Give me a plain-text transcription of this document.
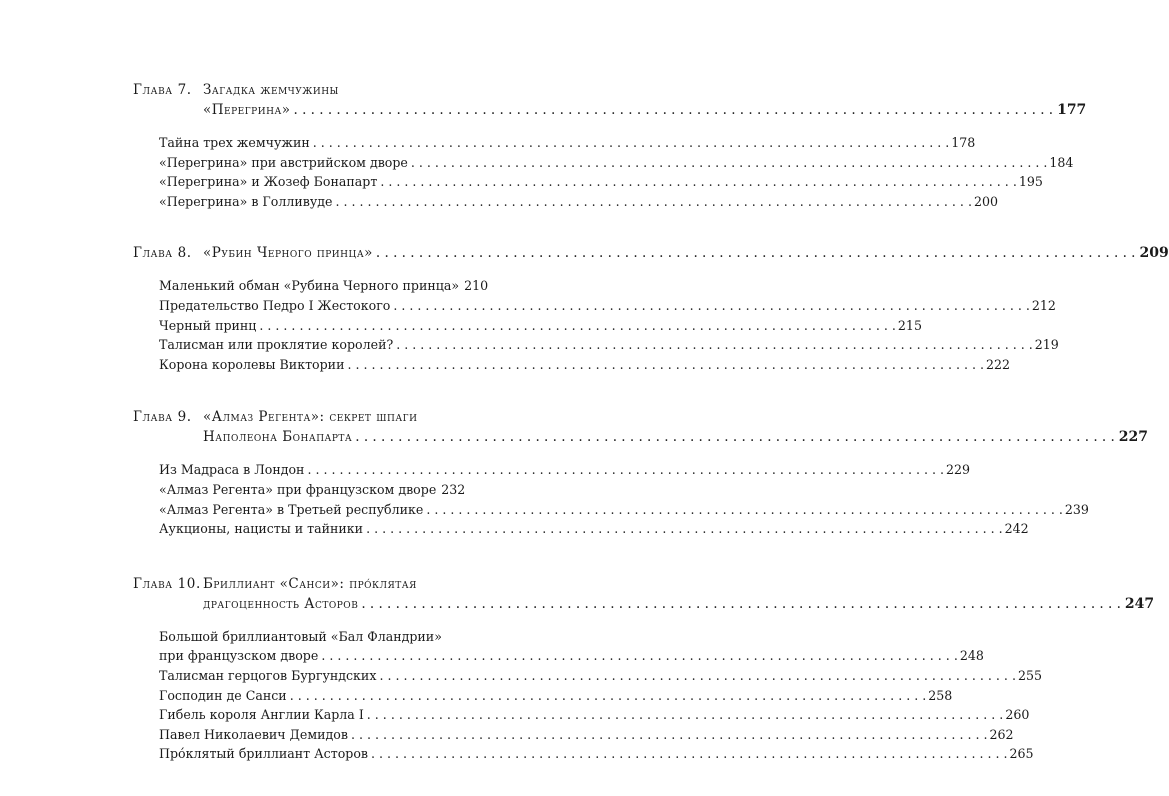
Глава 7. Загадка жемчужины
«Перегрина» . . .	177
Тайна трех жемчужин . . .	178
«Перегрина» при австрийском дворе . . .	184
«Перегрина» и Жозеф Бонапарт . . .	195
«Перегрина» в Голливуде . . .	200
Глава 8. «Рубин Черного принца» . . .	209
Маленький обман «Рубина Черного принца» 210
Предательство Педро I Жестокого . . .	212
Черный принц . . .	215
Талисман или проклятие королей? . . .	219
Корона королевы Виктории . . .	222
Глава 9. «Алмаз Регента»: секрет шпаги
Наполеона Бонапарта . . .	227
Из Мадраса в Лондон . . .	229
«Алмаз Регента» при французском дворе 232
«Алмаз Регента» в Третьей республике . . .	239
Аукционы, нацисты и тайники . . .	242
Глава 10. Бриллиант «Санси»: про́клятая
драгоценность Асторов . . .	247
Большой бриллиантовый «Бал Фландрии»
при французском дворе . . .	248
Талисман герцогов Бургундских . . .	255
Господин де Санси . . .	258
Гибель короля Англии Карла I . . .	260
Павел Николаевич Демидов . . .	262
Про́клятый бриллиант Асторов . . .	265
